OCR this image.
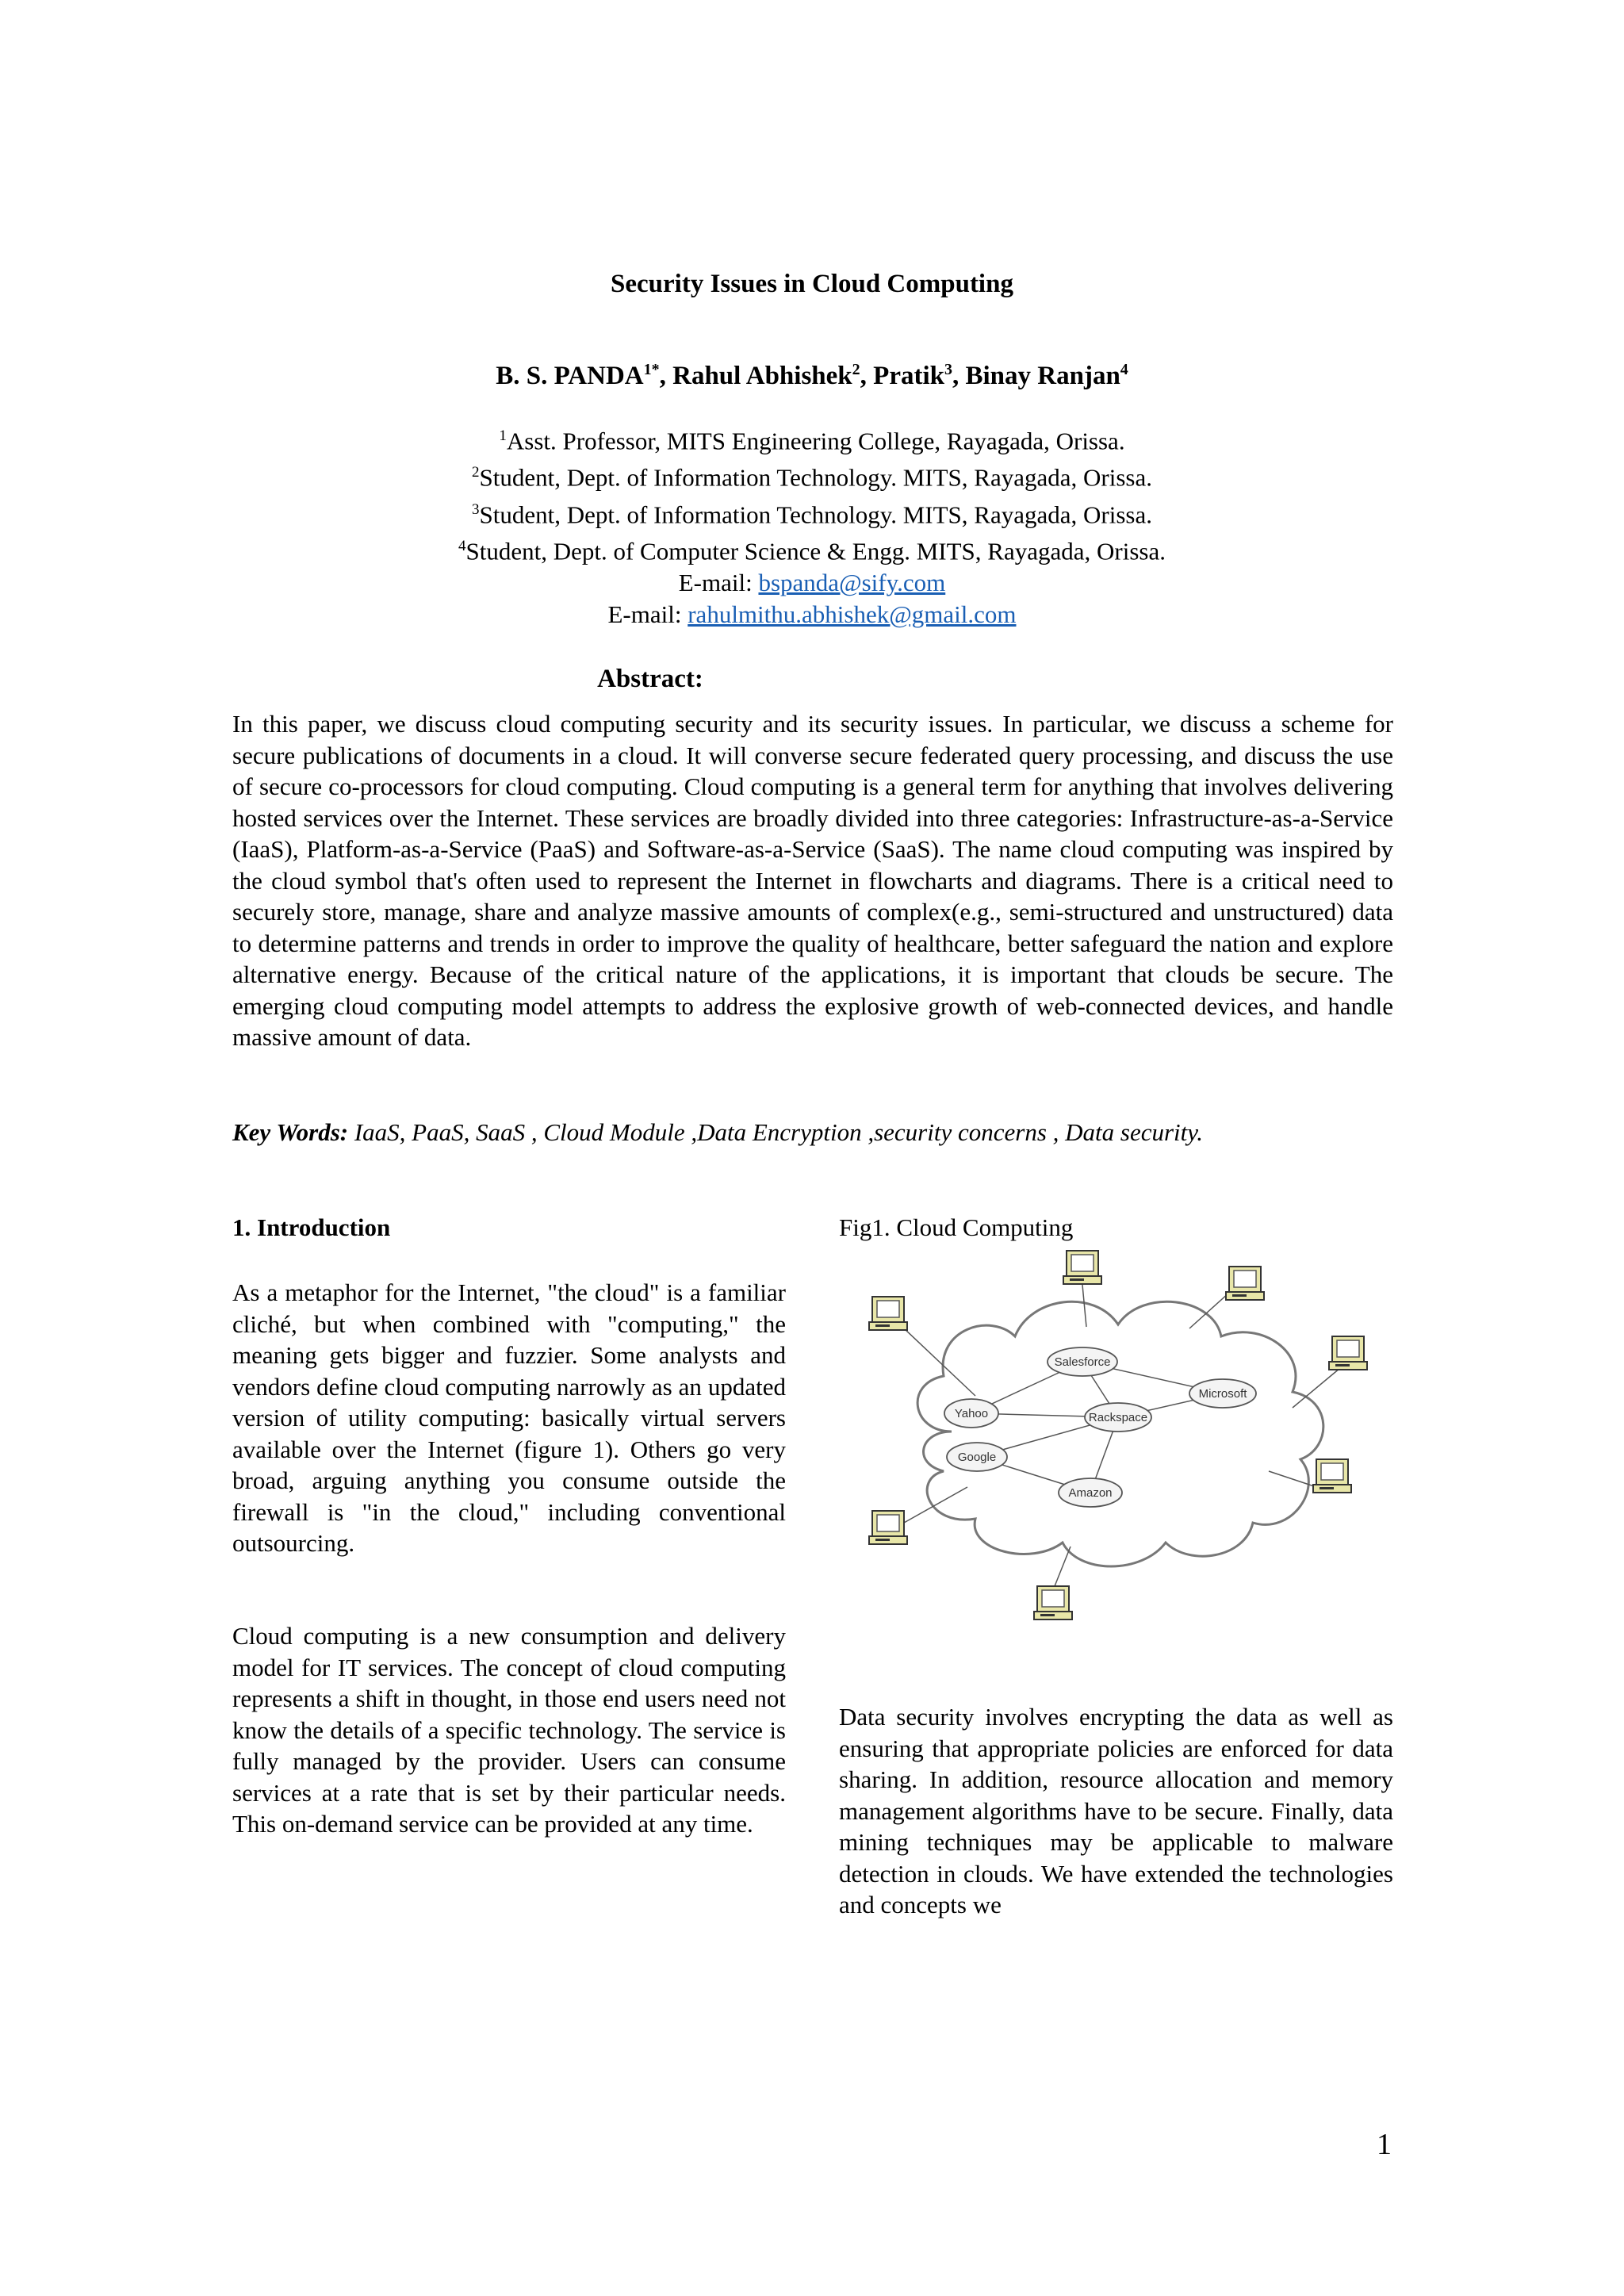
Security Issues in Cloud Computing
B. S. $PANDA^{1*}$, Rahul Abhishek$^2$, Pratik$^3$, Binay Ranjan$^4$
$^1$Asst. Professor, MITS Engineering College, Rayagada, Orissa.
$^2$Student, Dept. of Information Technology. MITS, Rayagada, Orissa.
$^3$Student, Dept. of Information Technology. MITS, Rayagada, Orissa.
$^4$Student, Dept. of Computer Science & Engg. MITS, Rayagada, Orissa.
E-mail: bspanda@sify.com
E-mail: rahulmithu.abhishek@gmail.com
Abstract:
In this paper, we discuss cloud computing security and its security issues. In particular, we discuss a scheme for secure publications of documents in a cloud. It will converse secure federated query processing, and discuss the use of secure co-processors for cloud computing. Cloud computing is a general term for anything that involves delivering hosted services over the Internet. These services are broadly divided into three categories: Infrastructure-as-a-Service (IaaS), Platform-as-a-Service (PaaS) and Software-as-a-Service (SaaS). The name cloud computing was inspired by the cloud symbol that's often used to represent the Internet in flowcharts and diagrams. There is a critical need to securely store, manage, share and analyze massive amounts of complex(e.g., semi-structured and unstructured) data to determine patterns and trends in order to improve the quality of healthcare, better safeguard the nation and explore alternative energy. Because of the critical nature of the applications, it is important that clouds be secure. The emerging cloud computing model attempts to address the explosive growth of web-connected devices, and handle massive amount of data.
Key Words: IaaS, PaaS, SaaS , Cloud Module ,Data Encryption ,security concerns , Data security.
1. Introduction
As a metaphor for the Internet, "the cloud" is a familiar cliché, but when combined with "computing," the meaning gets bigger and fuzzier. Some analysts and vendors define cloud computing narrowly as an updated version of utility computing: basically virtual servers available over the Internet (figure 1). Others go very broad, arguing anything you consume outside the firewall is "in the cloud," including conventional outsourcing.
Cloud computing is a new consumption and delivery model for IT services. The concept of cloud computing represents a shift in thought, in those end users need not know the details of a specific technology. The service is fully managed by the provider. Users can consume services at a rate that is set by their particular needs. This on-demand service can be provided at any time.
Fig1. Cloud Computing
Salesforce
Microsoft
Yahoo	Rackspace
Google
Amazon
Data security involves encrypting the data as well as ensuring that appropriate policies are enforced for data sharing. In addition, resource allocation and memory management algorithms have to be secure. Finally, data mining techniques may be applicable to malware detection in clouds. We have extended the technologies and concepts we
1
